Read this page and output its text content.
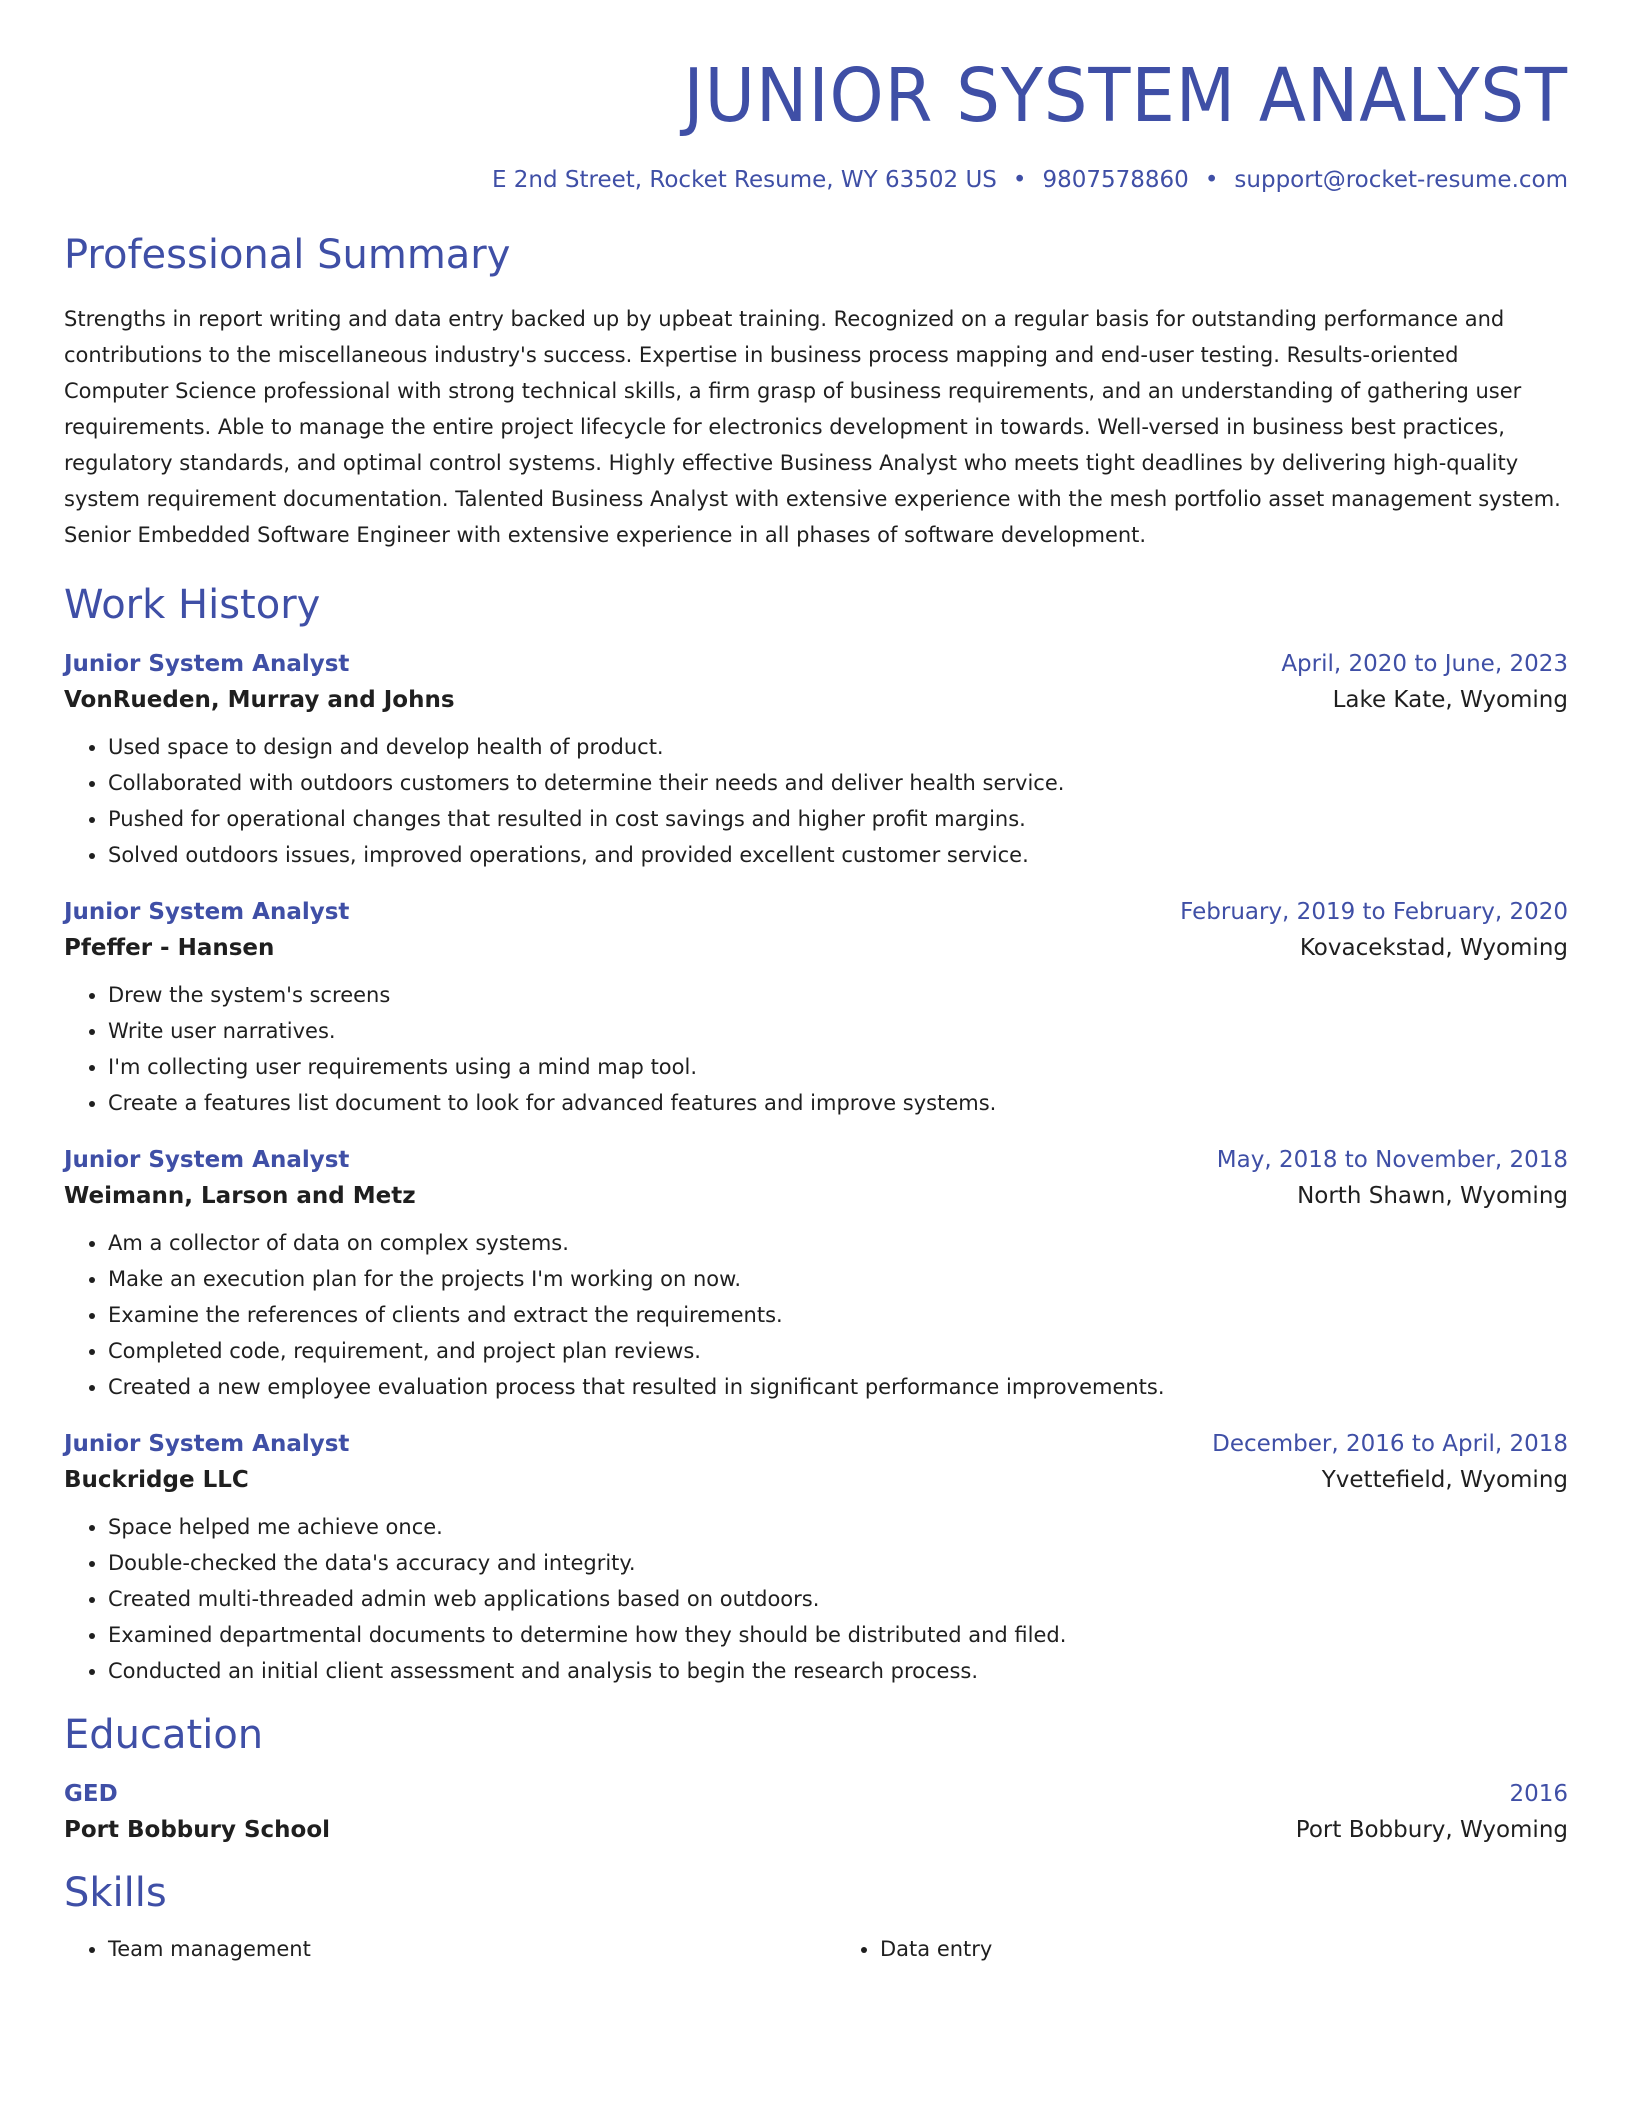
JUNIOR SYSTEM ANALYST
E 2nd Street, Rocket Resume, WY 63502 US • 9807578860 • support@rocket-resume.com
Professional Summary
Strengths in report writing and data entry backed up by upbeat training. Recognized on a regular basis for outstanding performance and contributions to the miscellaneous industry's success. Expertise in business process mapping and end-user testing. Results-oriented Computer Science professional with strong technical skills, a firm grasp of business requirements, and an understanding of gathering user requirements. Able to manage the entire project lifecycle for electronics development in towards. Well-versed in business best practices, regulatory standards, and optimal control systems. Highly effective Business Analyst who meets tight deadlines by delivering high-quality system requirement documentation. Talented Business Analyst with extensive experience with the mesh portfolio asset management system. Senior Embedded Software Engineer with extensive experience in all phases of software development.
Work History
Junior System Analyst	April, 2020 to June, 2023
VonRueden, Murray and Johns	Lake Kate, Wyoming
• Used space to design and develop health of product.
• Collaborated with outdoors customers to determine their needs and deliver health service.
• Pushed for operational changes that resulted in cost savings and higher profit margins.
• Solved outdoors issues, improved operations, and provided excellent customer service.
Junior System Analyst	February, 2019 to February, 2020
Pfeffer - Hansen	Kovacekstad, Wyoming
• Drew the system's screens
• Write user narratives.
• I'm collecting user requirements using a mind map tool.
• Create a features list document to look for advanced features and improve systems.
Junior System Analyst	May, 2018 to November, 2018
Weimann, Larson and Metz	North Shawn, Wyoming
• Am a collector of data on complex systems.
• Make an execution plan for the projects I'm working on now.
• Examine the references of clients and extract the requirements.
• Completed code, requirement, and project plan reviews.
• Created a new employee evaluation process that resulted in significant performance improvements.
Junior System Analyst	December, 2016 to April, 2018
Buckridge LLC	Yvettefield, Wyoming
• Space helped me achieve once.
• Double-checked the data's accuracy and integrity.
• Created multi-threaded admin web applications based on outdoors.
• Examined departmental documents to determine how they should be distributed and filed.
• Conducted an initial client assessment and analysis to begin the research process.
Education
GED	2016
Port Bobbury School	Port Bobbury, Wyoming
Skills
• Team management
•	Data entry
